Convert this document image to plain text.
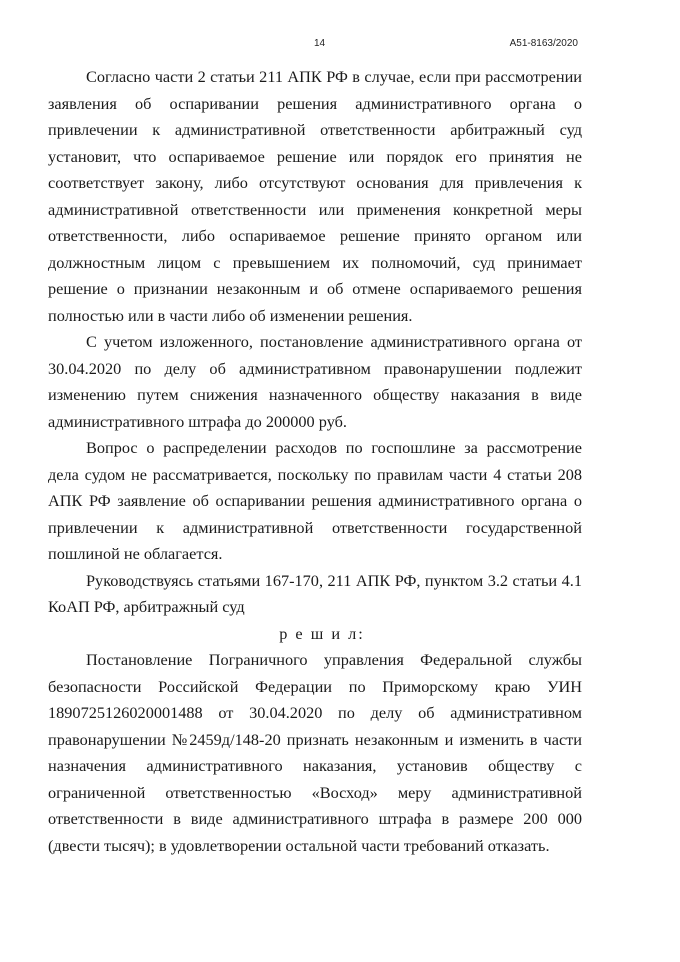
14	А51-8163/2020

Согласно части 2 статьи 211 АПК РФ в случае, если при рассмотрении заявления об оспаривании решения административного органа о привлечении к административной ответственности арбитражный суд установит, что оспариваемое решение или порядок его принятия не соответствует закону, либо отсутствуют основания для привлечения к административной ответственности или применения конкретной меры ответственности, либо оспариваемое решение принято органом или должностным лицом с превышением их полномочий, суд принимает решение о признании незаконным и об отмене оспариваемого решения полностью или в части либо об изменении решения.

С учетом изложенного, постановление административного органа от 30.04.2020 по делу об административном правонарушении подлежит изменению путем снижения назначенного обществу наказания в виде административного штрафа до 200000 руб.

Вопрос о распределении расходов по госпошлине за рассмотрение дела судом не рассматривается, поскольку по правилам части 4 статьи 208 АПК РФ заявление об оспаривании решения административного органа о привлечении к административной ответственности государственной пошлиной не облагается.

Руководствуясь статьями 167-170, 211 АПК РФ, пунктом 3.2 статьи 4.1 КоАП РФ, арбитражный суд

р е ш и л:

Постановление Пограничного управления Федеральной службы безопасности Российской Федерации по Приморскому краю УИН 1890725126020001488 от 30.04.2020 по делу об административном правонарушении №2459д/148-20 признать незаконным и изменить в части назначения административного наказания, установив обществу с ограниченной ответственностью «Восход» меру административной ответственности в виде административного штрафа в размере 200 000 (двести тысяч); в удовлетворении остальной части требований отказать.
